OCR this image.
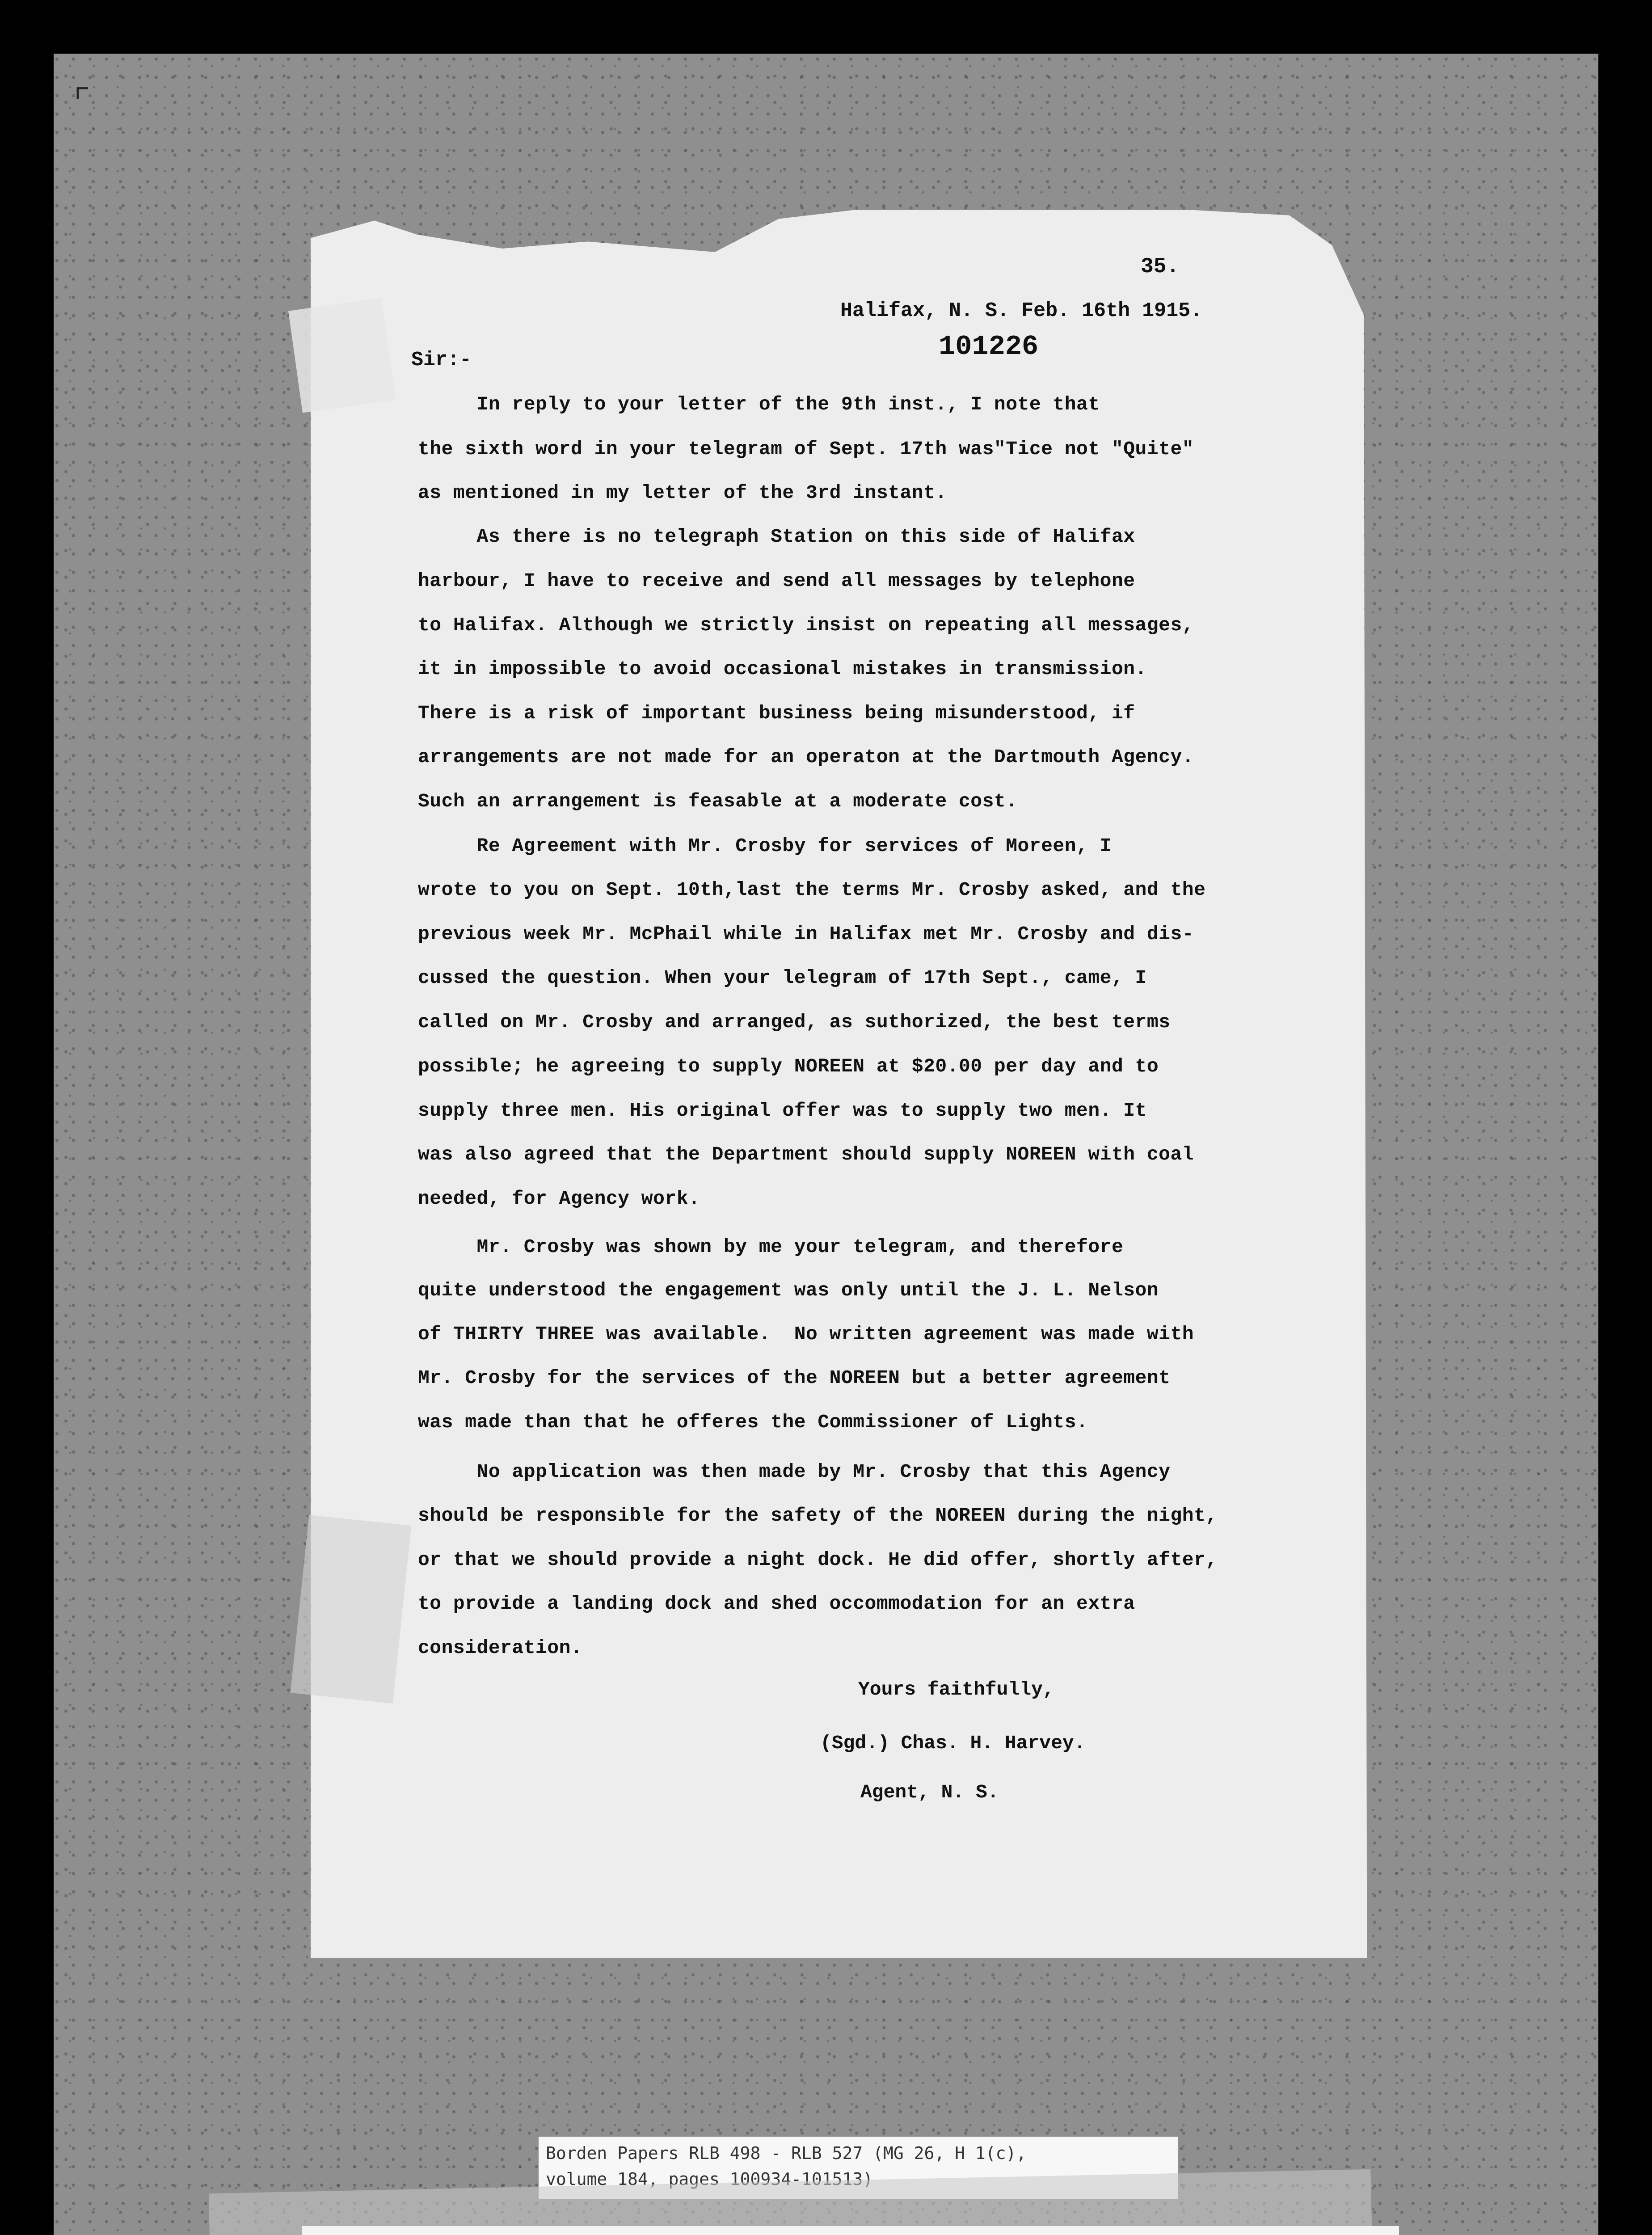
⌜
35.
Halifax, N. S. Feb. 16th 1915.
101226
Sir:-
In reply to your letter of the 9th inst., I note that
the sixth word in your telegram of Sept. 17th was"Tice not "Quite"
as mentioned in my letter of the 3rd instant.
As there is no telegraph Station on this side of Halifax
harbour, I have to receive and send all messages by telephone
to Halifax. Although we strictly insist on repeating all messages,
it in impossible to avoid occasional mistakes in transmission.
There is a risk of important business being misunderstood, if
arrangements are not made for an operaton at the Dartmouth Agency.
Such an arrangement is feasable at a moderate cost.
Re Agreement with Mr. Crosby for services of Moreen, I
wrote to you on Sept. 10th,last the terms Mr. Crosby asked, and the
previous week Mr. McPhail while in Halifax met Mr. Crosby and dis-
cussed the question. When your lelegram of 17th Sept., came, I
called on Mr. Crosby and arranged, as suthorized, the best terms
possible; he agreeing to supply NOREEN at $20.00 per day and to
supply three men. His original offer was to supply two men. It
was also agreed that the Department should supply NOREEN with coal
needed, for Agency work.
Mr. Crosby was shown by me your telegram, and therefore
quite understood the engagement was only until the J. L. Nelson
of THIRTY THREE was available.  No written agreement was made with
Mr. Crosby for the services of the NOREEN but a better agreement
was made than that he offeres the Commissioner of Lights.
No application was then made by Mr. Crosby that this Agency
should be responsible for the safety of the NOREEN during the night,
or that we should provide a night dock. He did offer, shortly after,
to provide a landing dock and shed occommodation for an extra
consideration.
Yours faithfully,
(Sgd.) Chas. H. Harvey.
Agent, N. S.
Borden Papers RLB 498 - RLB 527 (MG 26, H 1(c),
volume 184, pages 100934-101513)
